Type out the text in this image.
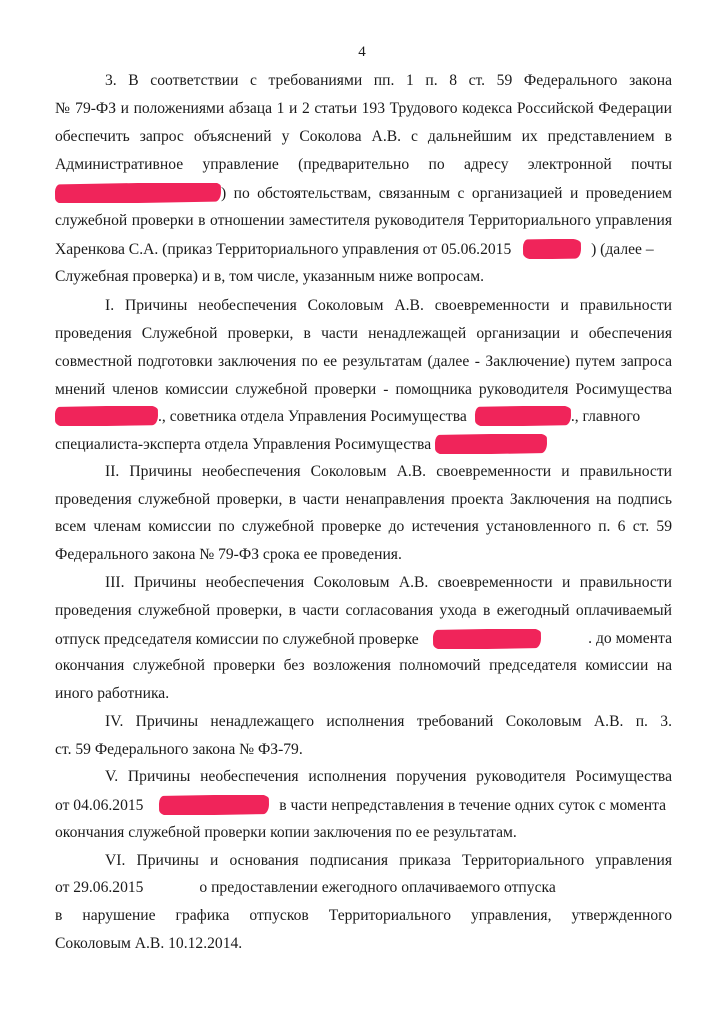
4
3. В соответствии с требованиями пп. 1 п. 8 ст. 59 Федерального закона
№ 79-ФЗ и положениями абзаца 1 и 2 статьи 193 Трудового кодекса Российской Федерации
обеспечить запрос объяснений у Соколова А.В. с дальнейшим их представлением в
Административное управление (предварительно по адресу электронной почты
) по обстоятельствам, связанным с организацией и проведением
служебной проверки в отношении заместителя руководителя Территориального управления
Харенкова С.А. (приказ Территориального управления от 05.06.2015	) (далее –
Служебная проверка) и в, том числе, указанным ниже вопросам.
I. Причины необеспечения Соколовым А.В. своевременности и правильности
проведения Служебной проверки, в части ненадлежащей организации и обеспечения
совместной подготовки заключения по ее результатам (далее - Заключение) путем запроса
мнений членов комиссии служебной проверки - помощника руководителя Росимущества
., советника отдела Управления Росимущества	., главного
специалиста-эксперта отдела Управления Росимущества
II. Причины необеспечения Соколовым А.В. своевременности и правильности
проведения служебной проверки, в части ненаправления проекта Заключения на подпись
всем членам комиссии по служебной проверке до истечения установленного п. 6 ст. 59
Федерального закона № 79-ФЗ срока ее проведения.
III. Причины необеспечения Соколовым А.В. своевременности и правильности
проведения служебной проверки, в части согласования ухода в ежегодный оплачиваемый
отпуск председателя комиссии по служебной проверке	. до момента
окончания служебной проверки без возложения полномочий председателя комиссии на
иного работника.
IV. Причины ненадлежащего исполнения требований Соколовым А.В. п. 3.
ст. 59 Федерального закона № ФЗ-79.
V. Причины необеспечения исполнения поручения руководителя Росимущества
от 04.06.2015	в части непредставления в течение одних суток с момента
окончания служебной проверки копии заключения по ее результатам.
VI. Причины и основания подписания приказа Территориального управления
от 29.06.2015	о предоставлении ежегодного оплачиваемого отпуска
в нарушение графика отпусков Территориального управления, утвержденного
Соколовым А.В. 10.12.2014.
